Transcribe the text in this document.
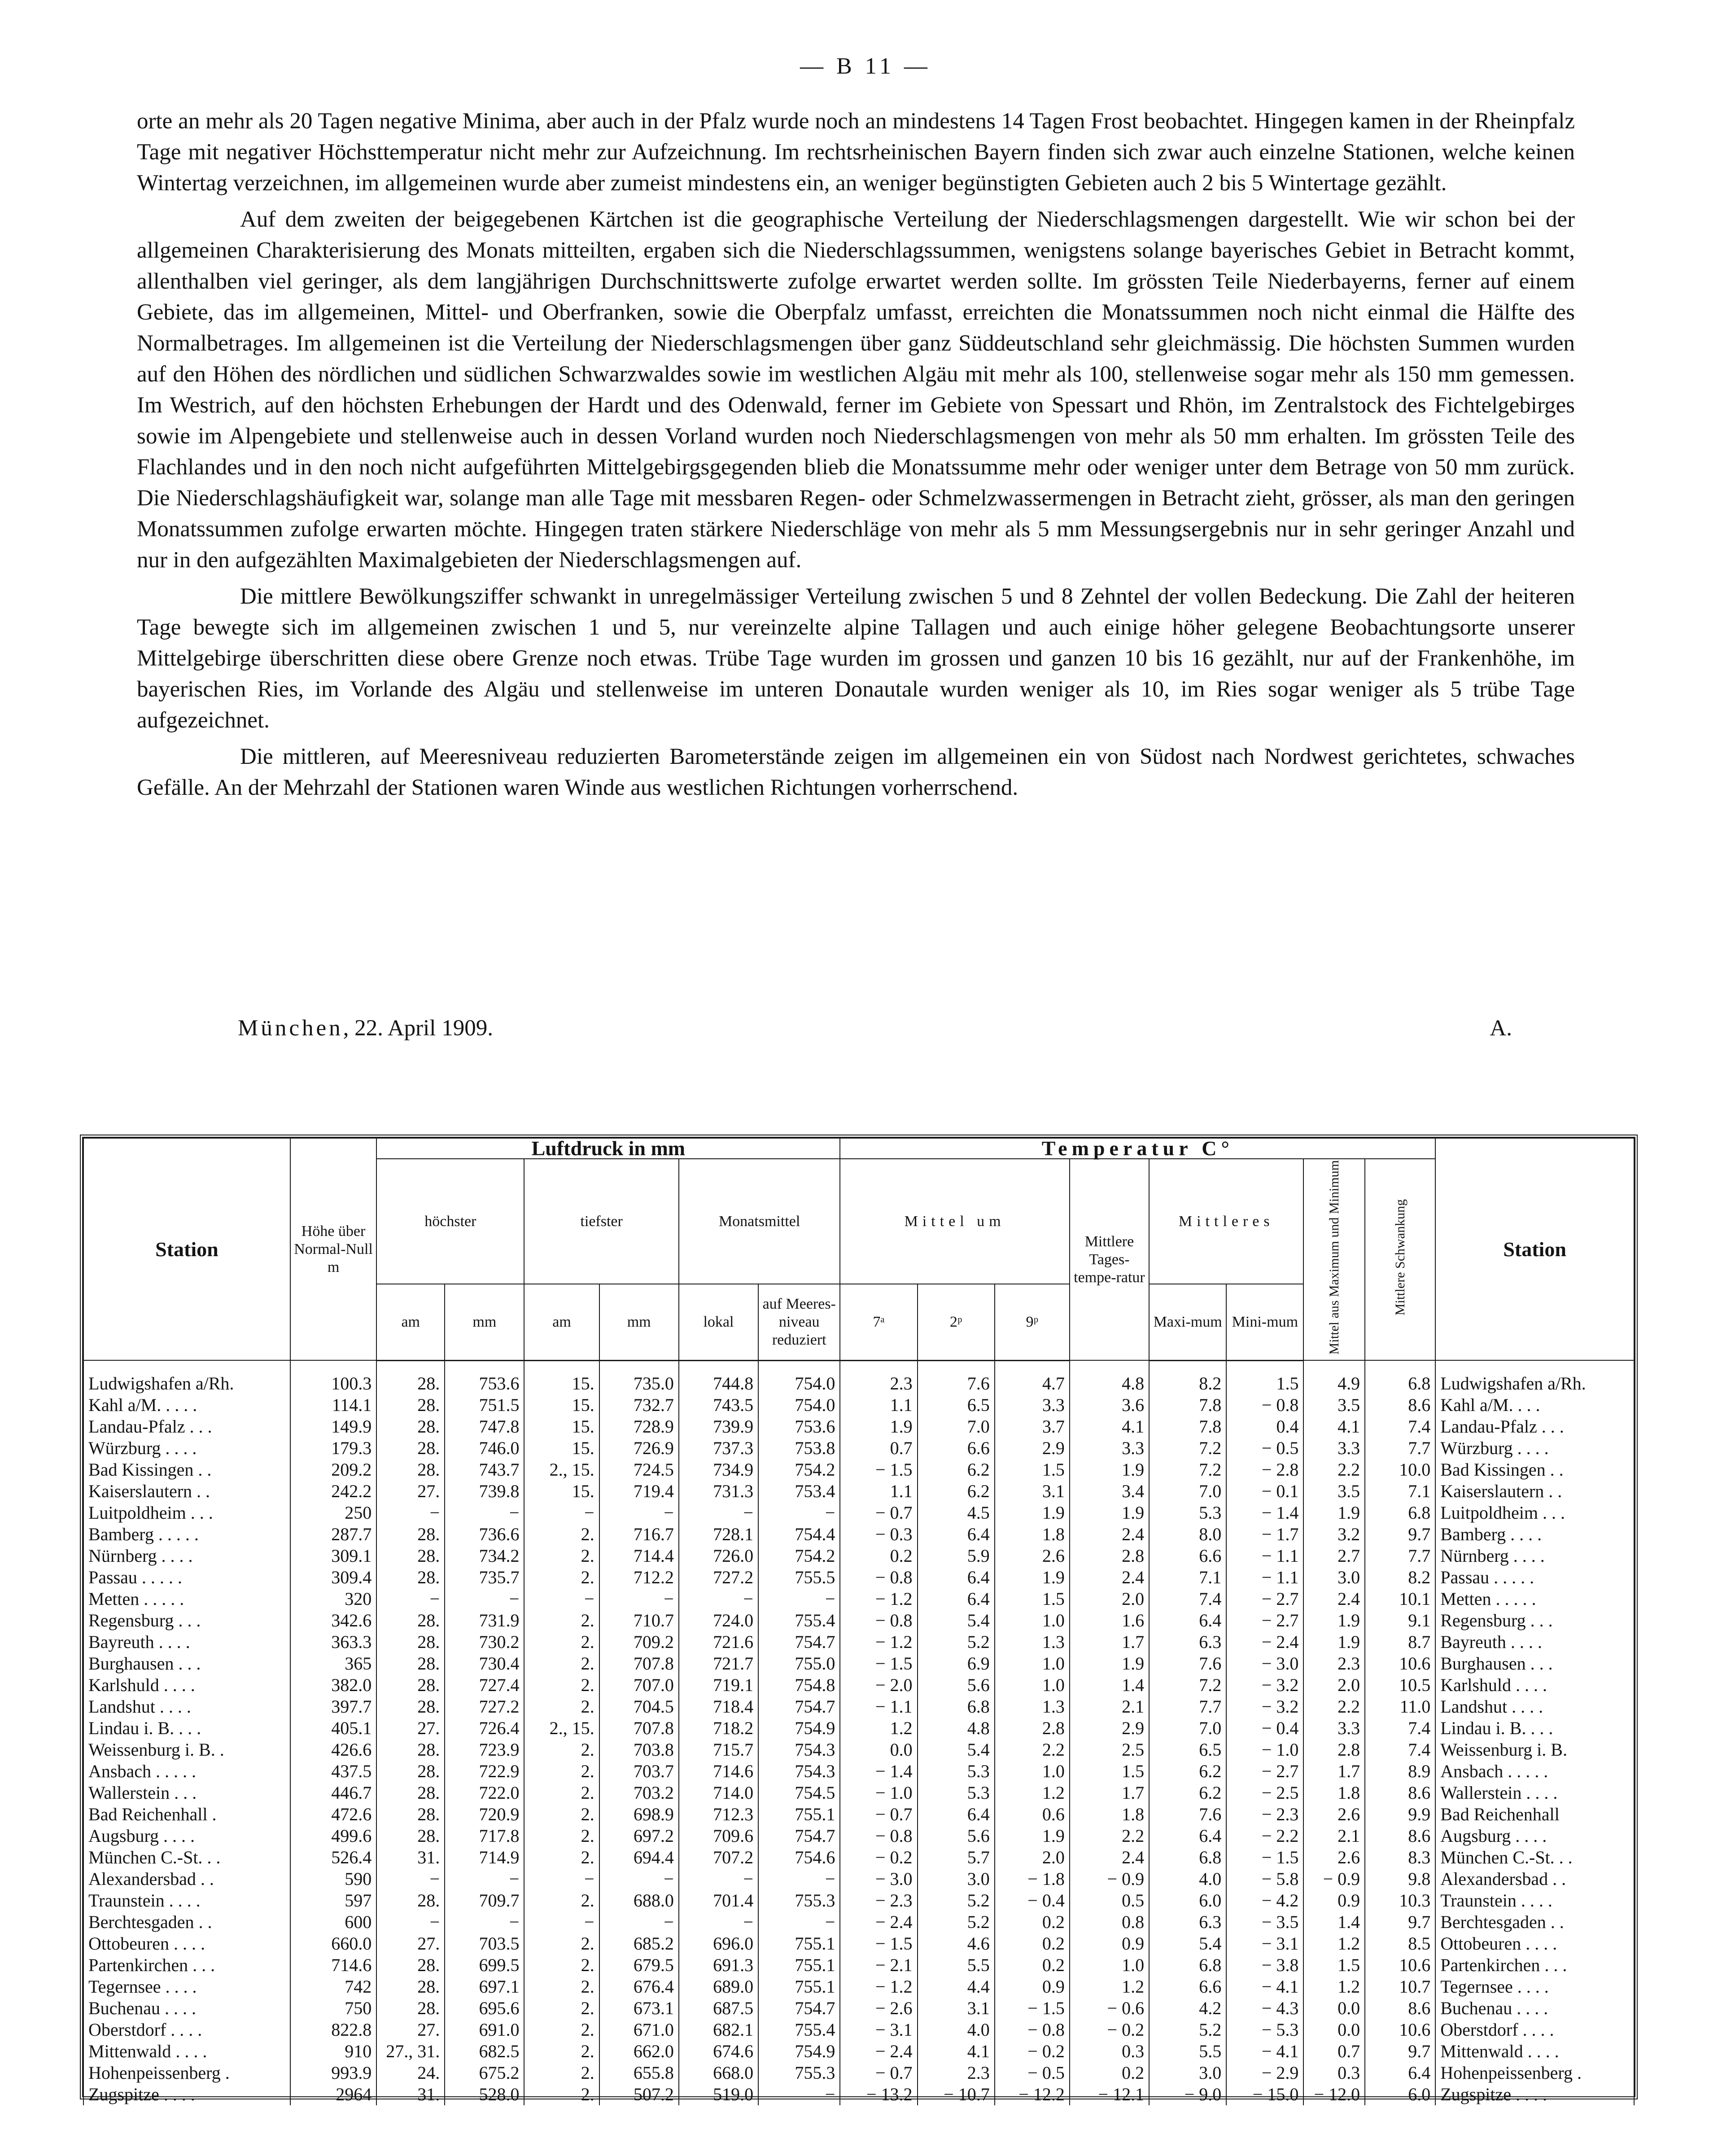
— B 11 —

orte an mehr als 20 Tagen negative Minima, aber auch in der Pfalz wurde noch an mindestens 14 Tagen Frost beobachtet. Hingegen kamen in der Rheinpfalz Tage mit negativer Höchsttemperatur nicht mehr zur Aufzeichnung. Im rechtsrheinischen Bayern finden sich zwar auch einzelne Stationen, welche keinen Wintertag verzeichnen, im allgemeinen wurde aber zumeist mindestens ein, an weniger begünstigten Gebieten auch 2 bis 5 Wintertage gezählt.

Auf dem zweiten der beigegebenen Kärtchen ist die geographische Verteilung der Niederschlagsmengen dargestellt. Wie wir schon bei der allgemeinen Charakterisierung des Monats mitteilten, ergaben sich die Niederschlagssummen, wenigstens solange bayerisches Gebiet in Betracht kommt, allenthalben viel geringer, als dem langjährigen Durchschnittswerte zufolge erwartet werden sollte. Im grössten Teile Niederbayerns, ferner auf einem Gebiete, das im allgemeinen, Mittel- und Oberfranken, sowie die Oberpfalz umfasst, erreichten die Monatssummen noch nicht einmal die Hälfte des Normalbetrages. Im allgemeinen ist die Verteilung der Niederschlagsmengen über ganz Süddeutschland sehr gleichmässig. Die höchsten Summen wurden auf den Höhen des nördlichen und südlichen Schwarzwaldes sowie im westlichen Algäu mit mehr als 100, stellenweise sogar mehr als 150 mm gemessen. Im Westrich, auf den höchsten Erhebungen der Hardt und des Odenwald, ferner im Gebiete von Spessart und Rhön, im Zentralstock des Fichtelgebirges sowie im Alpengebiete und stellenweise auch in dessen Vorland wurden noch Niederschlagsmengen von mehr als 50 mm erhalten. Im grössten Teile des Flachlandes und in den noch nicht aufgeführten Mittelgebirgsgegenden blieb die Monatssumme mehr oder weniger unter dem Betrage von 50 mm zurück. Die Niederschlagshäufigkeit war, solange man alle Tage mit messbaren Regen- oder Schmelzwassermengen in Betracht zieht, grösser, als man den geringen Monatssummen zufolge erwarten möchte. Hingegen traten stärkere Niederschläge von mehr als 5 mm Messungsergebnis nur in sehr geringer Anzahl und nur in den aufgezählten Maximalgebieten der Niederschlagsmengen auf.

Die mittlere Bewölkungsziffer schwankt in unregelmässiger Verteilung zwischen 5 und 8 Zehntel der vollen Bedeckung. Die Zahl der heiteren Tage bewegte sich im allgemeinen zwischen 1 und 5, nur vereinzelte alpine Tallagen und auch einige höher gelegene Beobachtungsorte unserer Mittelgebirge überschritten diese obere Grenze noch etwas. Trübe Tage wurden im grossen und ganzen 10 bis 16 gezählt, nur auf der Frankenhöhe, im bayerischen Ries, im Vorlande des Algäu und stellenweise im unteren Donautale wurden weniger als 10, im Ries sogar weniger als 5 trübe Tage aufgezeichnet.

Die mittleren, auf Meeresniveau reduzierten Barometerstände zeigen im allgemeinen ein von Südost nach Nordwest gerichtetes, schwaches Gefälle. An der Mehrzahl der Stationen waren Winde aus westlichen Richtungen vorherrschend.

München, 22. April 1909.	A.
Station	Höhe über Normal-Null m	Luftdruck in mm						Temperatur C°								Station
		höchster		tiefster		Monatsmittel		Mittel um			Mittlere Tages-tempe-ratur	Mittleres		Mittel aus Maximum und Minimum	Mittlere Schwankung	
		am	mm	am	mm	lokal	auf Meeres-niveau reduziert	7ᵃ	2ᵖ	9ᵖ		Maxi-mum	Mini-mum			
Ludwigshafen a/Rh.	100.3	28.	753.6	15.	735.0	744.8	754.0	2.3	7.6	4.7	4.8	8.2	1.5	4.9	6.8	Ludwigshafen a/Rh.
Kahl a/M. . . . .	114.1	28.	751.5	15.	732.7	743.5	754.0	1.1	6.5	3.3	3.6	7.8	− 0.8	3.5	8.6	Kahl a/M. . . .
Landau-Pfalz . . .	149.9	28.	747.8	15.	728.9	739.9	753.6	1.9	7.0	3.7	4.1	7.8	0.4	4.1	7.4	Landau-Pfalz . . .
Würzburg . . . .	179.3	28.	746.0	15.	726.9	737.3	753.8	0.7	6.6	2.9	3.3	7.2	− 0.5	3.3	7.7	Würzburg . . . .
Bad Kissingen . .	209.2	28.	743.7	2., 15.	724.5	734.9	754.2	− 1.5	6.2	1.5	1.9	7.2	− 2.8	2.2	10.0	Bad Kissingen . .
Kaiserslautern . .	242.2	27.	739.8	15.	719.4	731.3	753.4	1.1	6.2	3.1	3.4	7.0	− 0.1	3.5	7.1	Kaiserslautern . .
Luitpoldheim . . .	250	−	−	−	−	−	−	− 0.7	4.5	1.9	1.9	5.3	− 1.4	1.9	6.8	Luitpoldheim . . .
Bamberg . . . . .	287.7	28.	736.6	2.	716.7	728.1	754.4	− 0.3	6.4	1.8	2.4	8.0	− 1.7	3.2	9.7	Bamberg . . . .
Nürnberg . . . .	309.1	28.	734.2	2.	714.4	726.0	754.2	0.2	5.9	2.6	2.8	6.6	− 1.1	2.7	7.7	Nürnberg . . . .
Passau . . . . .	309.4	28.	735.7	2.	712.2	727.2	755.5	− 0.8	6.4	1.9	2.4	7.1	− 1.1	3.0	8.2	Passau . . . . .
Metten . . . . .	320	−	−	−	−	−	−	− 1.2	6.4	1.5	2.0	7.4	− 2.7	2.4	10.1	Metten . . . . .
Regensburg . . .	342.6	28.	731.9	2.	710.7	724.0	755.4	− 0.8	5.4	1.0	1.6	6.4	− 2.7	1.9	9.1	Regensburg . . .
Bayreuth . . . .	363.3	28.	730.2	2.	709.2	721.6	754.7	− 1.2	5.2	1.3	1.7	6.3	− 2.4	1.9	8.7	Bayreuth . . . .
Burghausen . . .	365	28.	730.4	2.	707.8	721.7	755.0	− 1.5	6.9	1.0	1.9	7.6	− 3.0	2.3	10.6	Burghausen . . .
Karlshuld . . . .	382.0	28.	727.4	2.	707.0	719.1	754.8	− 2.0	5.6	1.0	1.4	7.2	− 3.2	2.0	10.5	Karlshuld . . . .
Landshut . . . .	397.7	28.	727.2	2.	704.5	718.4	754.7	− 1.1	6.8	1.3	2.1	7.7	− 3.2	2.2	11.0	Landshut . . . .
Lindau i. B. . . .	405.1	27.	726.4	2., 15.	707.8	718.2	754.9	1.2	4.8	2.8	2.9	7.0	− 0.4	3.3	7.4	Lindau i. B. . . .
Weissenburg i. B. .	426.6	28.	723.9	2.	703.8	715.7	754.3	0.0	5.4	2.2	2.5	6.5	− 1.0	2.8	7.4	Weissenburg i. B.
Ansbach . . . . .	437.5	28.	722.9	2.	703.7	714.6	754.3	− 1.4	5.3	1.0	1.5	6.2	− 2.7	1.7	8.9	Ansbach . . . . .
Wallerstein . . .	446.7	28.	722.0	2.	703.2	714.0	754.5	− 1.0	5.3	1.2	1.7	6.2	− 2.5	1.8	8.6	Wallerstein . . . .
Bad Reichenhall .	472.6	28.	720.9	2.	698.9	712.3	755.1	− 0.7	6.4	0.6	1.8	7.6	− 2.3	2.6	9.9	Bad Reichenhall
Augsburg . . . .	499.6	28.	717.8	2.	697.2	709.6	754.7	− 0.8	5.6	1.9	2.2	6.4	− 2.2	2.1	8.6	Augsburg . . . .
München C.-St. . .	526.4	31.	714.9	2.	694.4	707.2	754.6	− 0.2	5.7	2.0	2.4	6.8	− 1.5	2.6	8.3	München C.-St. . .
Alexandersbad . .	590	−	−	−	−	−	−	− 3.0	3.0	− 1.8	− 0.9	4.0	− 5.8	− 0.9	9.8	Alexandersbad . .
Traunstein . . . .	597	28.	709.7	2.	688.0	701.4	755.3	− 2.3	5.2	− 0.4	0.5	6.0	− 4.2	0.9	10.3	Traunstein . . . .
Berchtesgaden . .	600	−	−	−	−	−	−	− 2.4	5.2	0.2	0.8	6.3	− 3.5	1.4	9.7	Berchtesgaden . .
Ottobeuren . . . .	660.0	27.	703.5	2.	685.2	696.0	755.1	− 1.5	4.6	0.2	0.9	5.4	− 3.1	1.2	8.5	Ottobeuren . . . .
Partenkirchen . . .	714.6	28.	699.5	2.	679.5	691.3	755.1	− 2.1	5.5	0.2	1.0	6.8	− 3.8	1.5	10.6	Partenkirchen . . .
Tegernsee . . . .	742	28.	697.1	2.	676.4	689.0	755.1	− 1.2	4.4	0.9	1.2	6.6	− 4.1	1.2	10.7	Tegernsee . . . .
Buchenau . . . .	750	28.	695.6	2.	673.1	687.5	754.7	− 2.6	3.1	− 1.5	− 0.6	4.2	− 4.3	0.0	8.6	Buchenau . . . .
Oberstdorf . . . .	822.8	27.	691.0	2.	671.0	682.1	755.4	− 3.1	4.0	− 0.8	− 0.2	5.2	− 5.3	0.0	10.6	Oberstdorf . . . .
Mittenwald . . . .	910	27., 31.	682.5	2.	662.0	674.6	754.9	− 2.4	4.1	− 0.2	0.3	5.5	− 4.1	0.7	9.7	Mittenwald . . . .
Hohenpeissenberg .	993.9	24.	675.2	2.	655.8	668.0	755.3	− 0.7	2.3	− 0.5	0.2	3.0	− 2.9	0.3	6.4	Hohenpeissenberg .
Zugspitze . . . .	2964	31.	528.0	2.	507.2	519.0	−	− 13.2	− 10.7	− 12.2	− 12.1	− 9.0	− 15.0	− 12.0	6.0	Zugspitze . . . .
